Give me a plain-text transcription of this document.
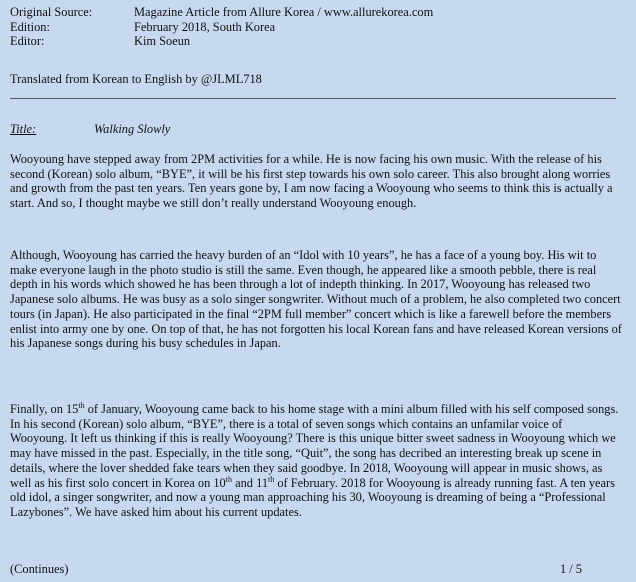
Original Source:	Magazine Article from Allure Korea / www.allurekorea.com
Edition:	February 2018, South Korea
Editor:	Kim Soeun
Translated from Korean to English by @JLML718
Title:	Walking Slowly

Wooyoung have stepped away from 2PM activities for a while. He is now facing his own music. With the release of his second (Korean) solo album, “BYE”, it will be his first step towards his own solo career. This also brought along worries and growth from the past ten years. Ten years gone by, I am now facing a Wooyoung who seems to think this is actually a start. And so, I thought maybe we still don’t really understand Wooyoung enough.

Although, Wooyoung has carried the heavy burden of an “Idol with 10 years”, he has a face of a young boy. His wit to make everyone laugh in the photo studio is still the same. Even though, he appeared like a smooth pebble, there is real depth in his words which showed he has been through a lot of indepth thinking. In 2017, Wooyoung has released two Japanese solo albums. He was busy as a solo singer songwriter. Without much of a problem, he also completed two concert tours (in Japan). He also participated in the final “2PM full member” concert which is like a farewell before the members enlist into army one by one. On top of that, he has not forgotten his local Korean fans and have released Korean versions of his Japanese songs during his busy schedules in Japan.

Finally, on 15th of January, Wooyoung came back to his home stage with a mini album filled with his self composed songs. In his second (Korean) solo album, “BYE”, there is a total of seven songs which contains an unfamilar voice of Wooyoung. It left us thinking if this is really Wooyoung? There is this unique bitter sweet sadness in Wooyoung which we may have missed in the past. Especially, in the title song, “Quit”, the song has decribed an interesting break up scene in details, where the lover shedded fake tears when they said goodbye. In 2018, Wooyoung will appear in music shows, as well as his first solo concert in Korea on 10th and 11th of February. 2018 for Wooyoung is already running fast. A ten years old idol, a singer songwriter, and now a young man approaching his 30, Wooyoung is dreaming of being a “Professional Lazybones”. We have asked him about his current updates.

(Continues)	1 / 5
